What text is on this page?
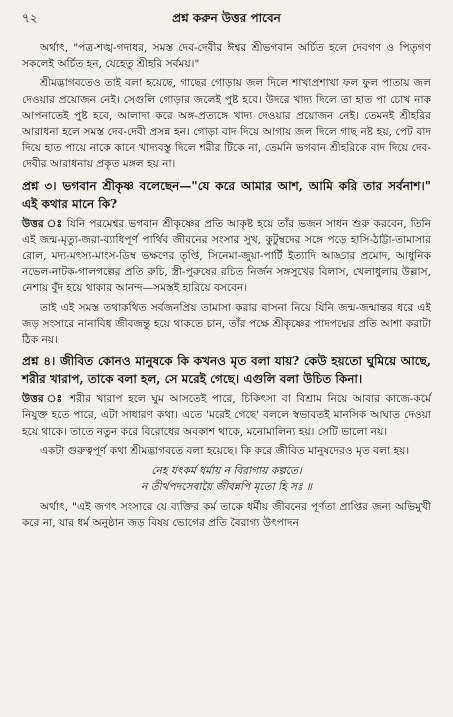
৭২	প্রশ্ন করুন উত্তর পাবেন

অর্থাৎ, "পত্র-শঙ্খ-গদাধর, সমস্ত দেব-দেবীর ঈশ্বর শ্রীভগবান অর্চিত হলে দেবগণ ও পিতৃগণ সকলেই অর্চিত হন, যেহেতু শ্রীহরি সর্বময়।"

শ্রীমদ্ভাগবতেও তাই বলা হয়েছে, গাছের গোড়ায় জল দিলে শাখাপ্রশাখা ফল ফুল পাতায় জল দেওয়ার প্রয়োজন নেই। সেগুলি গোড়ার জলেই পুষ্ট হবে। উদরে খাদ্য দিলে তা হাত পা চোখ নাক আপনাতেই পুষ্ট হবে, আলাদা করে অঙ্গ-প্রত্যঙ্গে খাদ্য দেওয়ার প্রয়োজন নেই। তেমনই শ্রীহরির আরাধনা হলে সমস্ত দেব-দেবী প্রসন্ন হন। গোড়া বাদ দিয়ে আগায় জল দিলে গাছ নষ্ট হয়, পেট বাদ দিয়ে হাত পায়ে নাকে কানে খাদ্যবস্তু দিলে শরীর টিকে না, তেমনি ভগবান শ্রীহরিকে বাদ দিয়ে দেব-দেবীর আরাধনায় প্রকৃত মঙ্গল হয় না।

প্রশ্ন ৩। ভগবান শ্রীকৃষ্ণ বলেছেন—"যে করে আমার আশ, আমি করি তার সর্বনাশ।" এই কথার মানে কি?

উত্তর ঃ যিনি পরমেশ্বর ভগবান শ্রীকৃষ্ণের প্রতি আকৃষ্ট হয়ে তাঁর ভজন সাধন শুরু করবেন, তিনি এই জন্ম-মৃত্যু-জরা-ব্যাধিপূর্ণ পার্থিব জীবনের সংসার সুখ, কুটুম্বদের সঙ্গে পড়ে হাসি-ঠাট্টা-তামাসার রোল, মদ্য-মৎস্য-মাংস-ডিম্ব ভক্ষণের তৃপ্তি, সিনেমা-জুয়া-পার্টি ইত্যাদি আড্ডার প্রমোদ, আধুনিক নভেল-নাটক-গালগল্পের প্রতি রুচি, স্ত্রী-পুরুষের রচিত নির্জন সঙ্গসুখের বিলাস, খেলাধুলার উল্লাস, নেশায় বুঁদ হয়ে থাকার আনন্দ—সমস্তই হারিয়ে বসবেন।

তাই এই সমস্ত তথাকথিত সর্বজনপ্রিয় তামাসা করার বাসনা নিয়ে যিনি জন্ম-জন্মান্তর ধরে এই জড় সংসারে নানাবিধ জীবজন্তু হয়ে থাকতে চান, তাঁর পক্ষে শ্রীকৃষ্ণের পাদপদ্মের প্রতি আশা করাটা ঠিক নয়।

প্রশ্ন ৪। জীবিত কোনও মানুষকে কি কখনও মৃত বলা যায়? কেউ হয়তো ঘুমিয়ে আছে, শরীর খারাপ, তাকে বলা হল, সে মরেই গেছে। এগুলি বলা উচিত কিনা।

উত্তর ঃ শরীর খারাপ হলে ঘুম আসতেই পারে, চিকিৎসা বা বিশ্রাম নিয়ে আবার কাজে-কর্মে নিযুক্ত হতে পারে, এটা সাধারণ কথা। এতে 'মরেই গেছে' বললে স্বভাবতই মানসিক আঘাত দেওয়া হয়ে থাকে। তাতে নতুন করে বিরোধের অবকাশ থাকে, মনোমালিন্য হয়। সেটি ভালো নয়।

একটা গুরুত্বপূর্ণ কথা শ্রীমদ্ভাগবতে বলা হয়েছে। কি করে জীবিত মানুষদেরও মৃত বলা হয়।

নেহ যৎকর্ম ধর্মায় ন বিরাগায় কল্পতে।
ন তীর্থপদসেবায়ৈ জীবন্নপি মৃতো হি সঃ ॥

অর্থাৎ, "এই জগৎ সংসারে যে ব্যক্তির কর্ম তাকে ধর্মীয় জীবনের পূর্ণতা প্রাপ্তির জন্য অভিমুখী করে না, যার ধর্ম অনুষ্ঠান জড় বিষয় ভোগের প্রতি বৈরাগ্য উৎপাদন
